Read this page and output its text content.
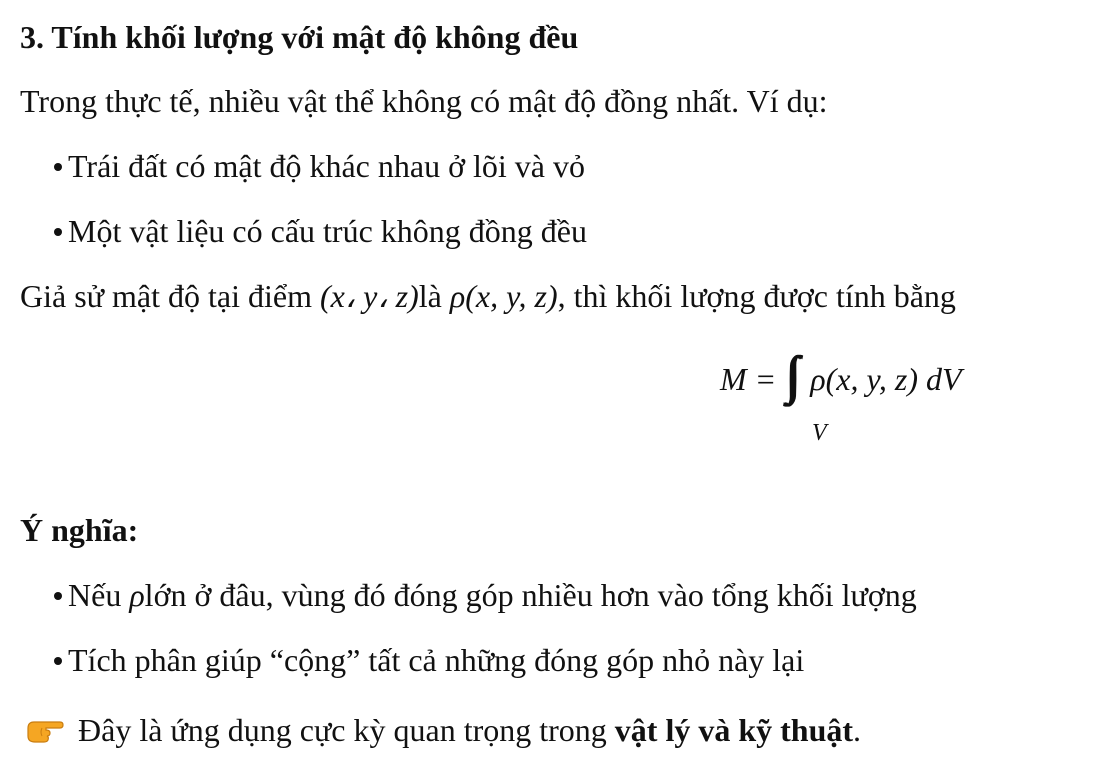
3. Tính khối lượng với mật độ không đều
Trong thực tế, nhiều vật thể không có mật độ đồng nhất. Ví dụ:
Trái đất có mật độ khác nhau ở lõi và vỏ
Một vật liệu có cấu trúc không đồng đều
Giả sử mật độ tại điểm (x، y، z)là ρ(x, y, z), thì khối lượng được tính bằng
M = ρ(x, y, z) dV
V
Ý nghĩa:
Nếu ρlớn ở đâu, vùng đó đóng góp nhiều hơn vào tổng khối lượng
Tích phân giúp “cộng” tất cả những đóng góp nhỏ này lại
Đây là ứng dụng cực kỳ quan trọng trong vật lý và kỹ thuật.
